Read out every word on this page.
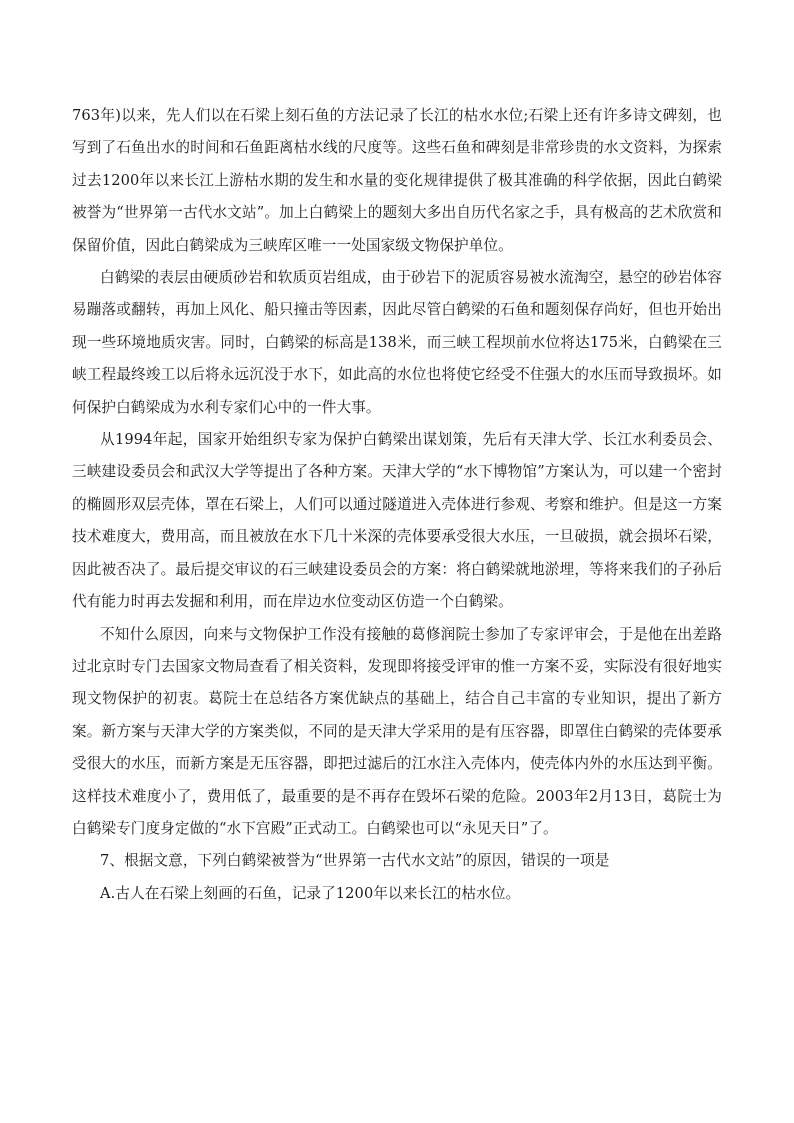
763年)以来，先人们以在石梁上刻石鱼的方法记录了长江的枯水水位;石梁上还有许多诗文碑刻，也写到了石鱼出水的时间和石鱼距离枯水线的尺度等。这些石鱼和碑刻是非常珍贵的水文资料，为探索过去1200年以来长江上游枯水期的发生和水量的变化规律提供了极其准确的科学依据，因此白鹤梁被誉为“世界第一古代水文站”。加上白鹤梁上的题刻大多出自历代名家之手，具有极高的艺术欣赏和保留价值，因此白鹤梁成为三峡库区唯一一处国家级文物保护单位。

白鹤梁的表层由硬质砂岩和软质页岩组成，由于砂岩下的泥质容易被水流淘空，悬空的砂岩体容易蹦落或翻转，再加上风化、船只撞击等因素，因此尽管白鹤梁的石鱼和题刻保存尚好，但也开始出现一些环境地质灾害。同时，白鹤梁的标高是138米，而三峡工程坝前水位将达175米，白鹤梁在三峡工程最终竣工以后将永远沉没于水下，如此高的水位也将使它经受不住强大的水压而导致损坏。如何保护白鹤梁成为水利专家们心中的一件大事。

从1994年起，国家开始组织专家为保护白鹤梁出谋划策，先后有天津大学、长江水利委员会、三峡建设委员会和武汉大学等提出了各种方案。天津大学的“水下博物馆”方案认为，可以建一个密封的椭圆形双层壳体，罩在石梁上，人们可以通过隧道进入壳体进行参观、考察和维护。但是这一方案技术难度大，费用高，而且被放在水下几十米深的壳体要承受很大水压，一旦破损，就会损坏石梁，因此被否决了。最后提交审议的石三峡建设委员会的方案：将白鹤梁就地淤埋，等将来我们的子孙后代有能力时再去发掘和利用，而在岸边水位变动区仿造一个白鹤梁。

不知什么原因，向来与文物保护工作没有接触的葛修润院士参加了专家评审会，于是他在出差路过北京时专门去国家文物局查看了相关资料，发现即将接受评审的惟一方案不妥，实际没有很好地实现文物保护的初衷。葛院士在总结各方案优缺点的基础上，结合自己丰富的专业知识，提出了新方案。新方案与天津大学的方案类似，不同的是天津大学采用的是有压容器，即罩住白鹤梁的壳体要承受很大的水压，而新方案是无压容器，即把过滤后的江水注入壳体内，使壳体内外的水压达到平衡。这样技术难度小了，费用低了，最重要的是不再存在毁坏石梁的危险。2003年2月13日，葛院士为白鹤梁专门度身定做的“水下宫殿”正式动工。白鹤梁也可以“永见天日”了。

7、根据文意，下列白鹤梁被誉为“世界第一古代水文站”的原因，错误的一项是

A.古人在石梁上刻画的石鱼，记录了1200年以来长江的枯水位。
